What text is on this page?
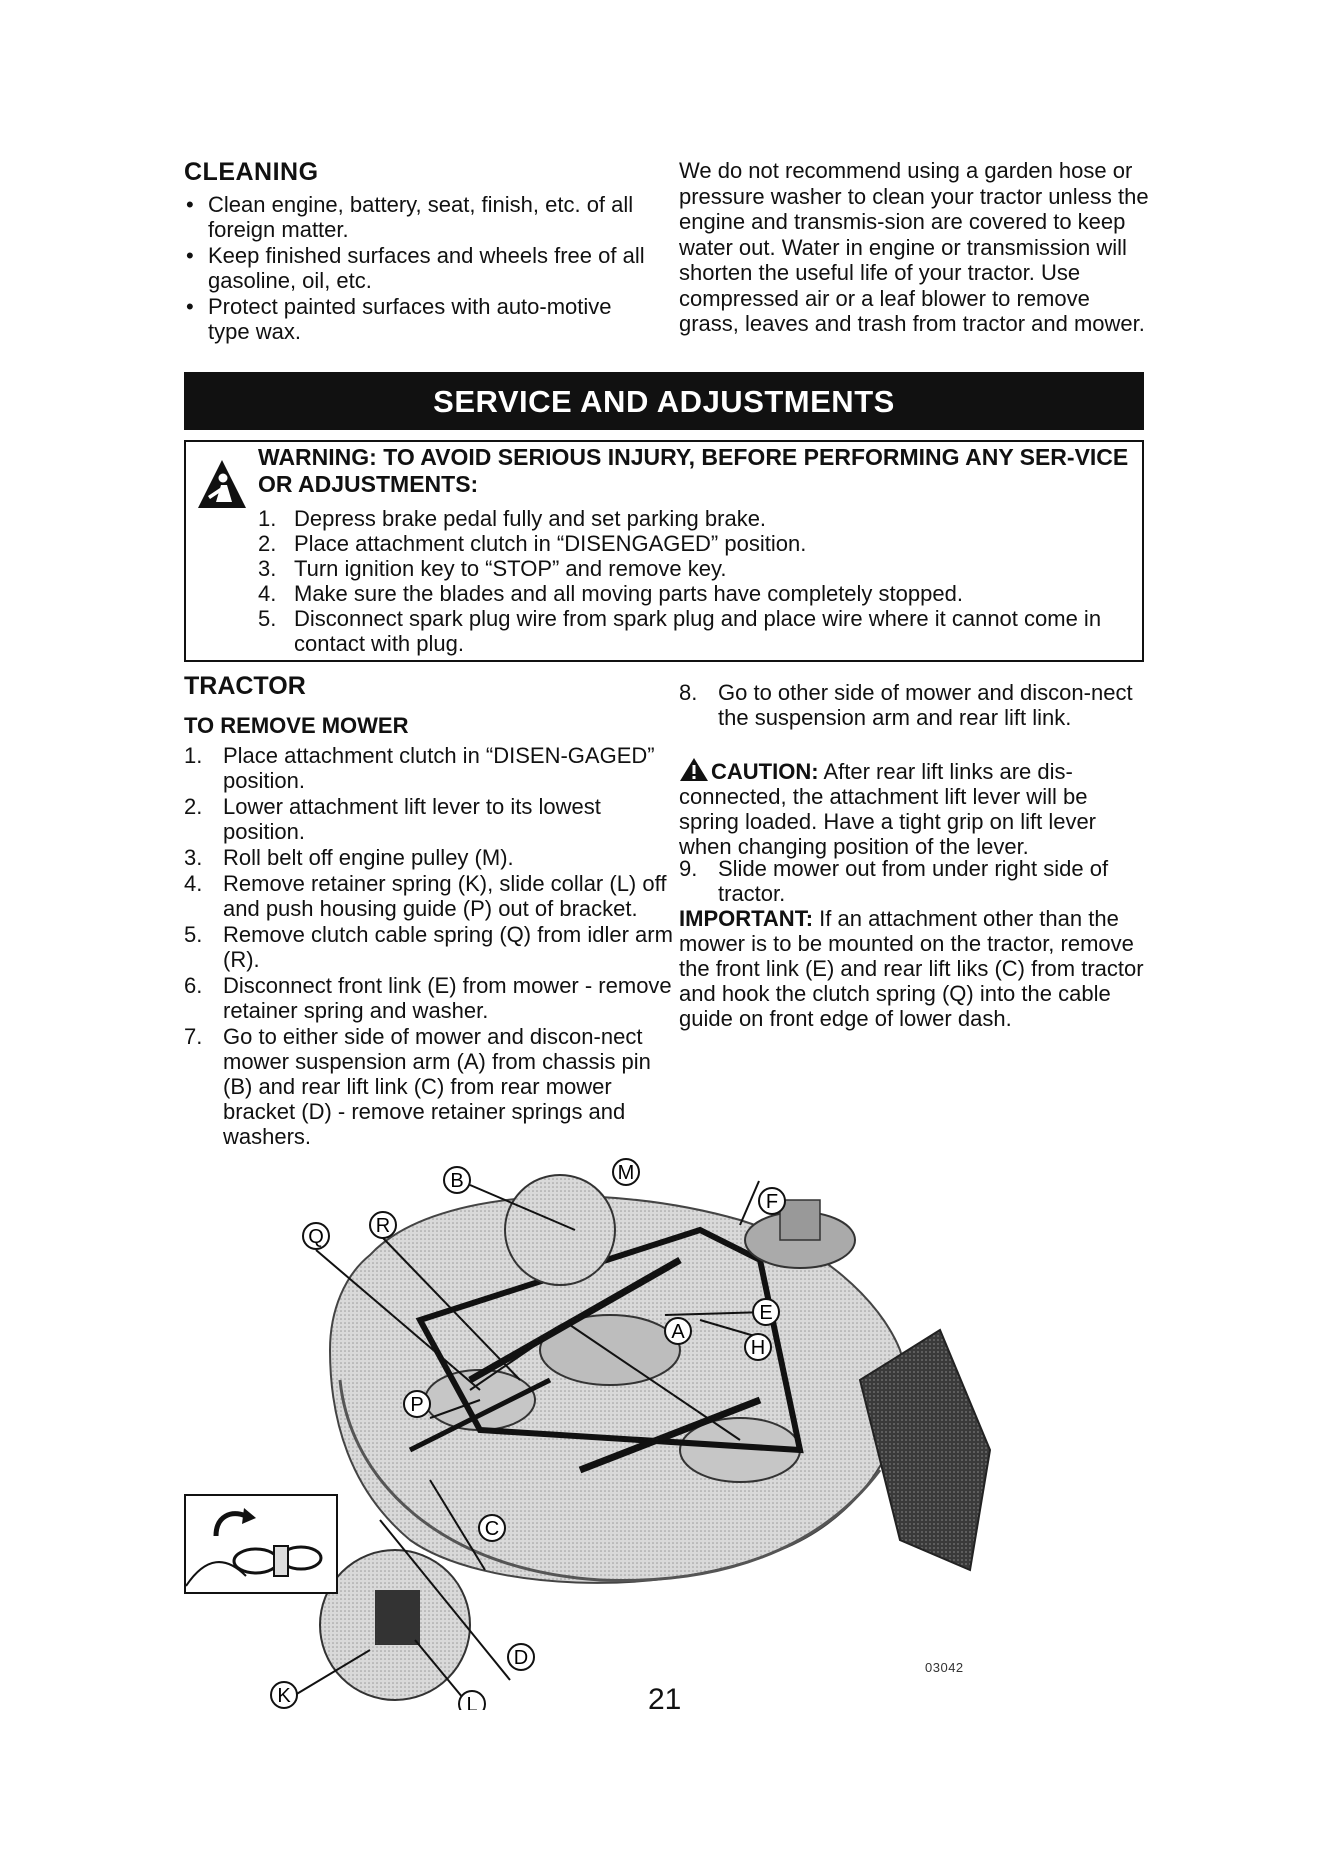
CLEANING
• Clean engine, battery, seat, finish, etc. of all foreign matter.
• Keep finished surfaces and wheels free of all gasoline, oil, etc.
• Protect painted surfaces with auto-motive type wax.

We do not recommend using a garden hose or pressure washer to clean your tractor unless the engine and transmis-sion are covered to keep water out. Water in engine or transmission will shorten the useful life of your tractor. Use compressed air or a leaf blower to remove grass, leaves and trash from tractor and mower.

SERVICE AND ADJUSTMENTS
WARNING: TO AVOID SERIOUS INJURY, BEFORE PERFORMING ANY SER-VICE OR ADJUSTMENTS:
1. Depress brake pedal fully and set parking brake.
2. Place attachment clutch in “DISENGAGED” position.
3. Turn ignition key to “STOP” and remove key.
4. Make sure the blades and all moving parts have completely stopped.
5. Disconnect spark plug wire from spark plug and place wire where it cannot come in contact with plug.
TRACTOR
TO REMOVE MOWER
1. Place attachment clutch in “DISEN-GAGED” position.
2. Lower attachment lift lever to its lowest position.
3. Roll belt off engine pulley (M).
4. Remove retainer spring (K), slide collar (L) off and push housing guide (P) out of bracket.
5. Remove clutch cable spring (Q) from idler arm (R).
6. Disconnect front link (E) from mower - remove retainer spring and washer.
7. Go to either side of mower and discon-nect mower suspension arm (A) from chassis pin (B) and rear lift link (C) from rear mower bracket (D) - remove retainer springs and washers.
8. Go to other side of mower and discon-nect the suspension arm and rear lift link.

CAUTION: After rear lift links are dis-connected, the attachment lift lever will be spring loaded. Have a tight grip on lift lever when changing position of the lever.

9. Slide mower out from under right side of tractor.

IMPORTANT: If an attachment other than the mower is to be mounted on the tractor, remove the front link (E) and rear lift liks (C) from tractor and hook the clutch spring (Q) into the cable guide on front edge of lower dash.

M
B
F
Q	R
A
E
H
P
C
D
K	L
03042
21
